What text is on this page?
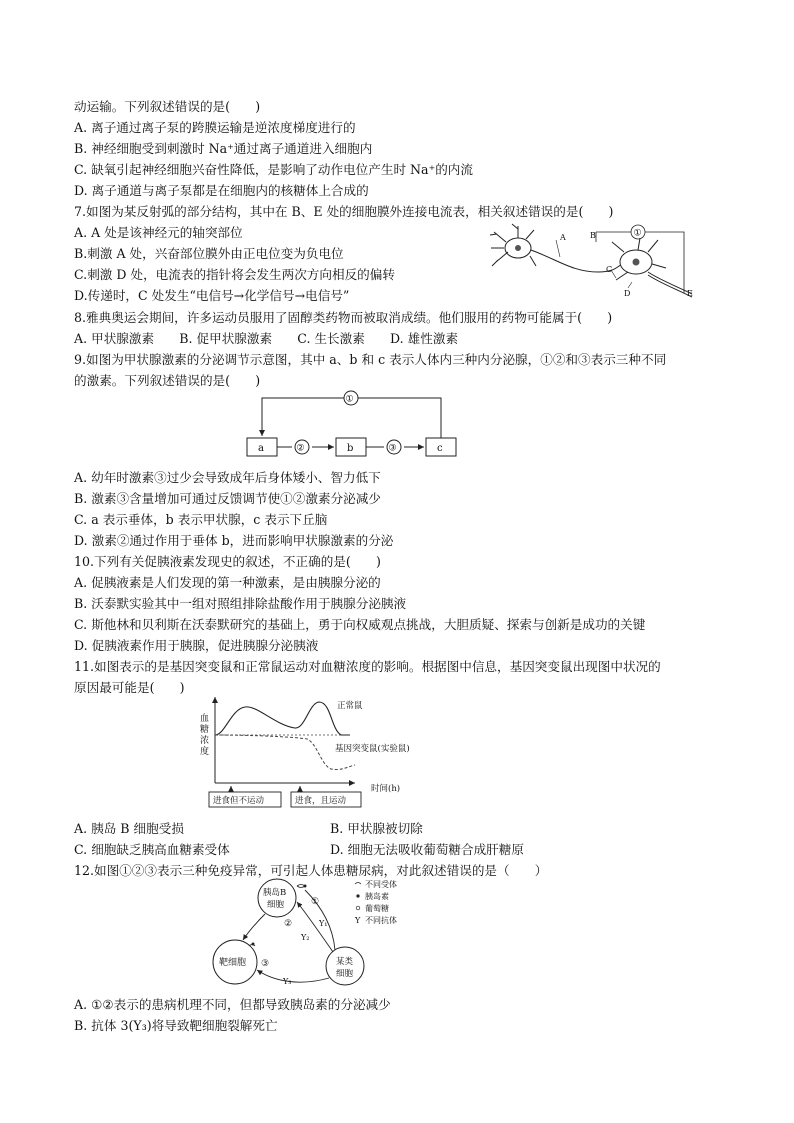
动运输。下列叙述错误的是(　　)
A. 离子通过离子泵的跨膜运输是逆浓度梯度进行的
B. 神经细胞受到刺激时 Na⁺通过离子通道进入细胞内
C. 缺氧引起神经细胞兴奋性降低，是影响了动作电位产生时 Na⁺的内流
D. 离子通道与离子泵都是在细胞内的核糖体上合成的
7.如图为某反射弧的部分结构，其中在 B、E 处的细胞膜外连接电流表，相关叙述错误的是(　　)
A. A 处是该神经元的轴突部位
B.刺激 A 处，兴奋部位膜外由正电位变为负电位
C.刺激 D 处，电流表的指针将会发生两次方向相反的偏转
D.传递时，C 处发生“电信号→化学信号→电信号”
8.雅典奥运会期间，许多运动员服用了固醇类药物而被取消成绩。他们服用的药物可能属于(　　)
A. 甲状腺激素　　B. 促甲状腺激素　　C. 生长激素　　D. 雄性激素
9.如图为甲状腺激素的分泌调节示意图，其中 a、b 和 c 表示人体内三种内分泌腺，①②和③表示三种不同
的激素。下列叙述错误的是(　　)
A. 幼年时激素③过少会导致成年后身体矮小、智力低下
B. 激素③含量增加可通过反馈调节使①②激素分泌减少
C. a 表示垂体，b 表示甲状腺，c 表示下丘脑
D. 激素②通过作用于垂体 b，进而影响甲状腺激素的分泌
10.下列有关促胰液素发现史的叙述，不正确的是(　　)
A. 促胰液素是人们发现的第一种激素，是由胰腺分泌的
B. 沃泰默实验其中一组对照组排除盐酸作用于胰腺分泌胰液
C. 斯他林和贝利斯在沃泰默研究的基础上，勇于向权威观点挑战，大胆质疑、探索与创新是成功的关键
D. 促胰液素作用于胰腺，促进胰腺分泌胰液
11.如图表示的是基因突变鼠和正常鼠运动对血糖浓度的影响。根据图中信息，基因突变鼠出现图中状况的
原因最可能是(　　)
A. 胰岛 B 细胞受损	B. 甲状腺被切除
C. 细胞缺乏胰高血糖素受体	D. 细胞无法吸收葡萄糖合成肝糖原
12.如图①②③表示三种免疫异常，可引起人体患糖尿病，对此叙述错误的是（　　）
A. ①②表示的患病机理不同，但都导致胰岛素的分泌减少
B. 抗体 3(Y₃)将导致靶细胞裂解死亡
A	B
C
D	E
①
①
a	②	b	③	c
血糖浓度
正常鼠
基因突变鼠(实验鼠)
时间(h)
进食但不运动	进食，且运动
胰岛B
细胞
靶细胞	某类
细胞
①
②
③
Y₁
Y₂
Y₃
不同受体
胰岛素
葡萄糖
Y 不同抗体
